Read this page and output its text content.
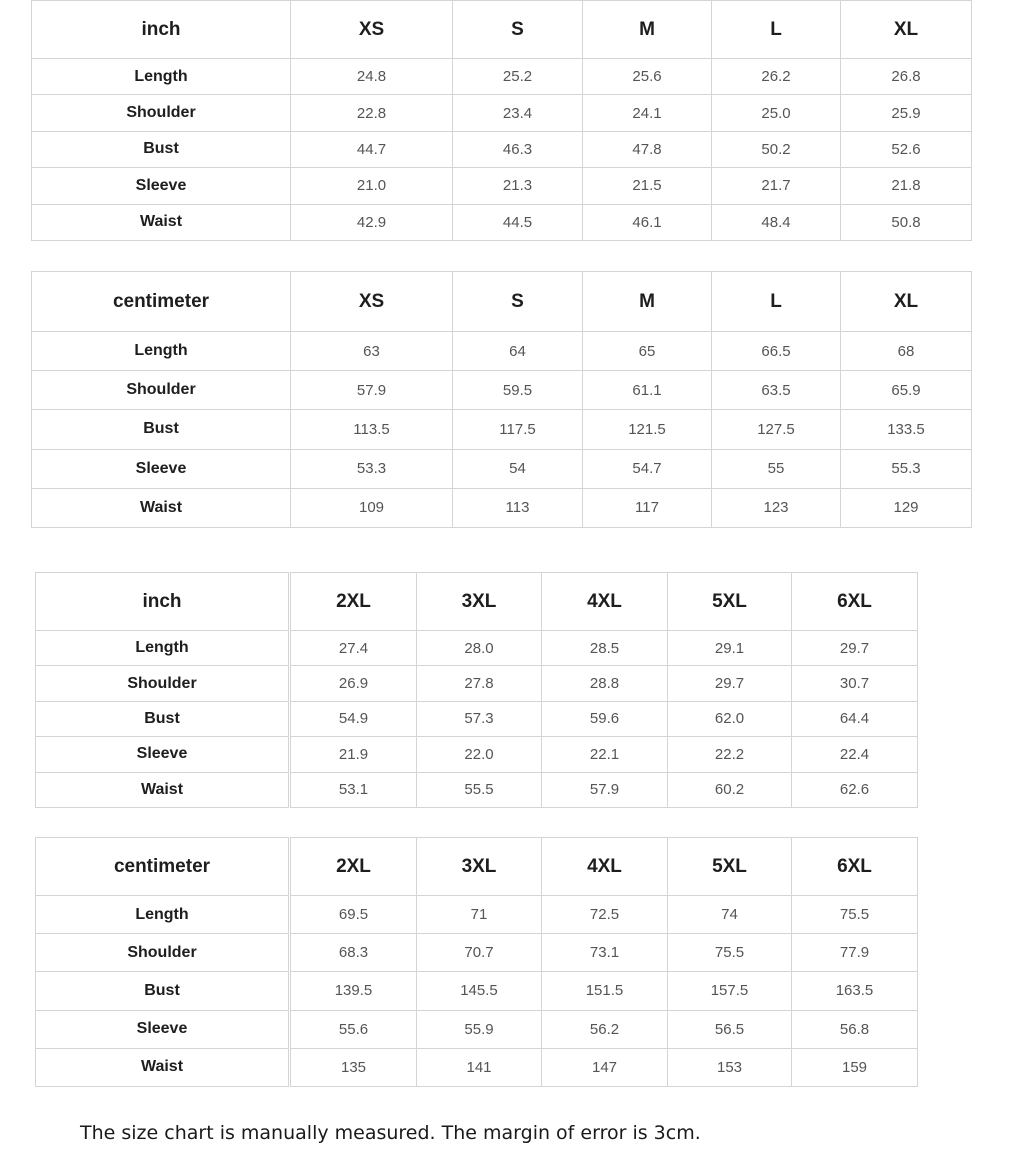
inch	XS	S	M	L	XL
Length	24.8	25.2	25.6	26.2	26.8
Shoulder	22.8	23.4	24.1	25.0	25.9
Bust	44.7	46.3	47.8	50.2	52.6
Sleeve	21.0	21.3	21.5	21.7	21.8
Waist	42.9	44.5	46.1	48.4	50.8
centimeter	XS	S	M	L	XL
Length	63	64	65	66.5	68
Shoulder	57.9	59.5	61.1	63.5	65.9
Bust	113.5	117.5	121.5	127.5	133.5
Sleeve	53.3	54	54.7	55	55.3
Waist	109	113	117	123	129
inch	2XL	3XL	4XL	5XL	6XL
Length	27.4	28.0	28.5	29.1	29.7
Shoulder	26.9	27.8	28.8	29.7	30.7
Bust	54.9	57.3	59.6	62.0	64.4
Sleeve	21.9	22.0	22.1	22.2	22.4
Waist	53.1	55.5	57.9	60.2	62.6
centimeter	2XL	3XL	4XL	5XL	6XL
Length	69.5	71	72.5	74	75.5
Shoulder	68.3	70.7	73.1	75.5	77.9
Bust	139.5	145.5	151.5	157.5	163.5
Sleeve	55.6	55.9	56.2	56.5	56.8
Waist	135	141	147	153	159
The size chart is manually measured. The margin of error is 3cm.
